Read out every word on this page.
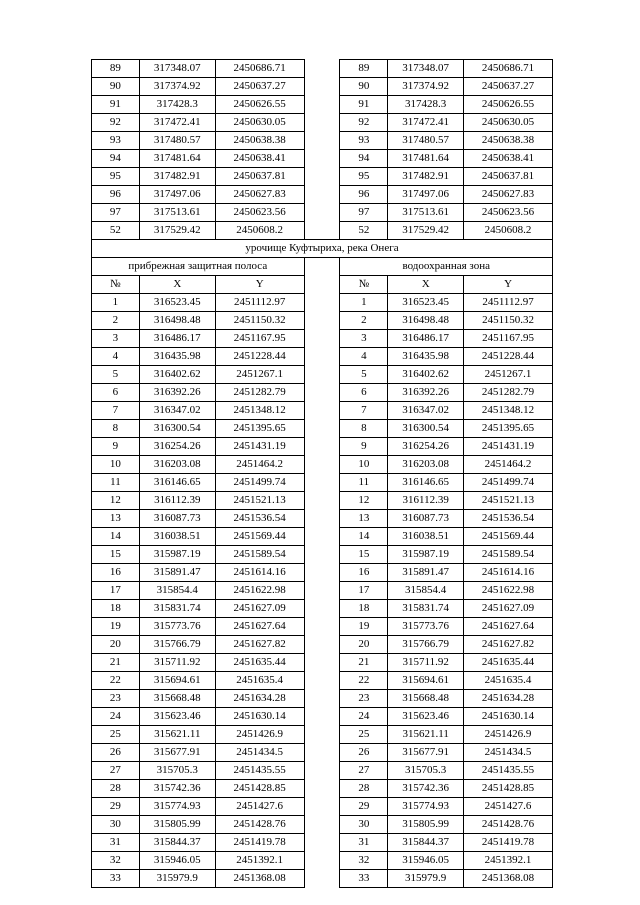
89	317348.07	2450686.71		89	317348.07	2450686.71
90	317374.92	2450637.27		90	317374.92	2450637.27
91	317428.3	2450626.55		91	317428.3	2450626.55
92	317472.41	2450630.05		92	317472.41	2450630.05
93	317480.57	2450638.38		93	317480.57	2450638.38
94	317481.64	2450638.41		94	317481.64	2450638.41
95	317482.91	2450637.81		95	317482.91	2450637.81
96	317497.06	2450627.83		96	317497.06	2450627.83
97	317513.61	2450623.56		97	317513.61	2450623.56
52	317529.42	2450608.2		52	317529.42	2450608.2
урочище Куфтыриха, река Онега						
прибрежная защитная полоса				водоохранная зона		
№	X	Y		№	X	Y
1	316523.45	2451112.97		1	316523.45	2451112.97
2	316498.48	2451150.32		2	316498.48	2451150.32
3	316486.17	2451167.95		3	316486.17	2451167.95
4	316435.98	2451228.44		4	316435.98	2451228.44
5	316402.62	2451267.1		5	316402.62	2451267.1
6	316392.26	2451282.79		6	316392.26	2451282.79
7	316347.02	2451348.12		7	316347.02	2451348.12
8	316300.54	2451395.65		8	316300.54	2451395.65
9	316254.26	2451431.19		9	316254.26	2451431.19
10	316203.08	2451464.2		10	316203.08	2451464.2
11	316146.65	2451499.74		11	316146.65	2451499.74
12	316112.39	2451521.13		12	316112.39	2451521.13
13	316087.73	2451536.54		13	316087.73	2451536.54
14	316038.51	2451569.44		14	316038.51	2451569.44
15	315987.19	2451589.54		15	315987.19	2451589.54
16	315891.47	2451614.16		16	315891.47	2451614.16
17	315854.4	2451622.98		17	315854.4	2451622.98
18	315831.74	2451627.09		18	315831.74	2451627.09
19	315773.76	2451627.64		19	315773.76	2451627.64
20	315766.79	2451627.82		20	315766.79	2451627.82
21	315711.92	2451635.44		21	315711.92	2451635.44
22	315694.61	2451635.4		22	315694.61	2451635.4
23	315668.48	2451634.28		23	315668.48	2451634.28
24	315623.46	2451630.14		24	315623.46	2451630.14
25	315621.11	2451426.9		25	315621.11	2451426.9
26	315677.91	2451434.5		26	315677.91	2451434.5
27	315705.3	2451435.55		27	315705.3	2451435.55
28	315742.36	2451428.85		28	315742.36	2451428.85
29	315774.93	2451427.6		29	315774.93	2451427.6
30	315805.99	2451428.76		30	315805.99	2451428.76
31	315844.37	2451419.78		31	315844.37	2451419.78
32	315946.05	2451392.1		32	315946.05	2451392.1
33	315979.9	2451368.08		33	315979.9	2451368.08
